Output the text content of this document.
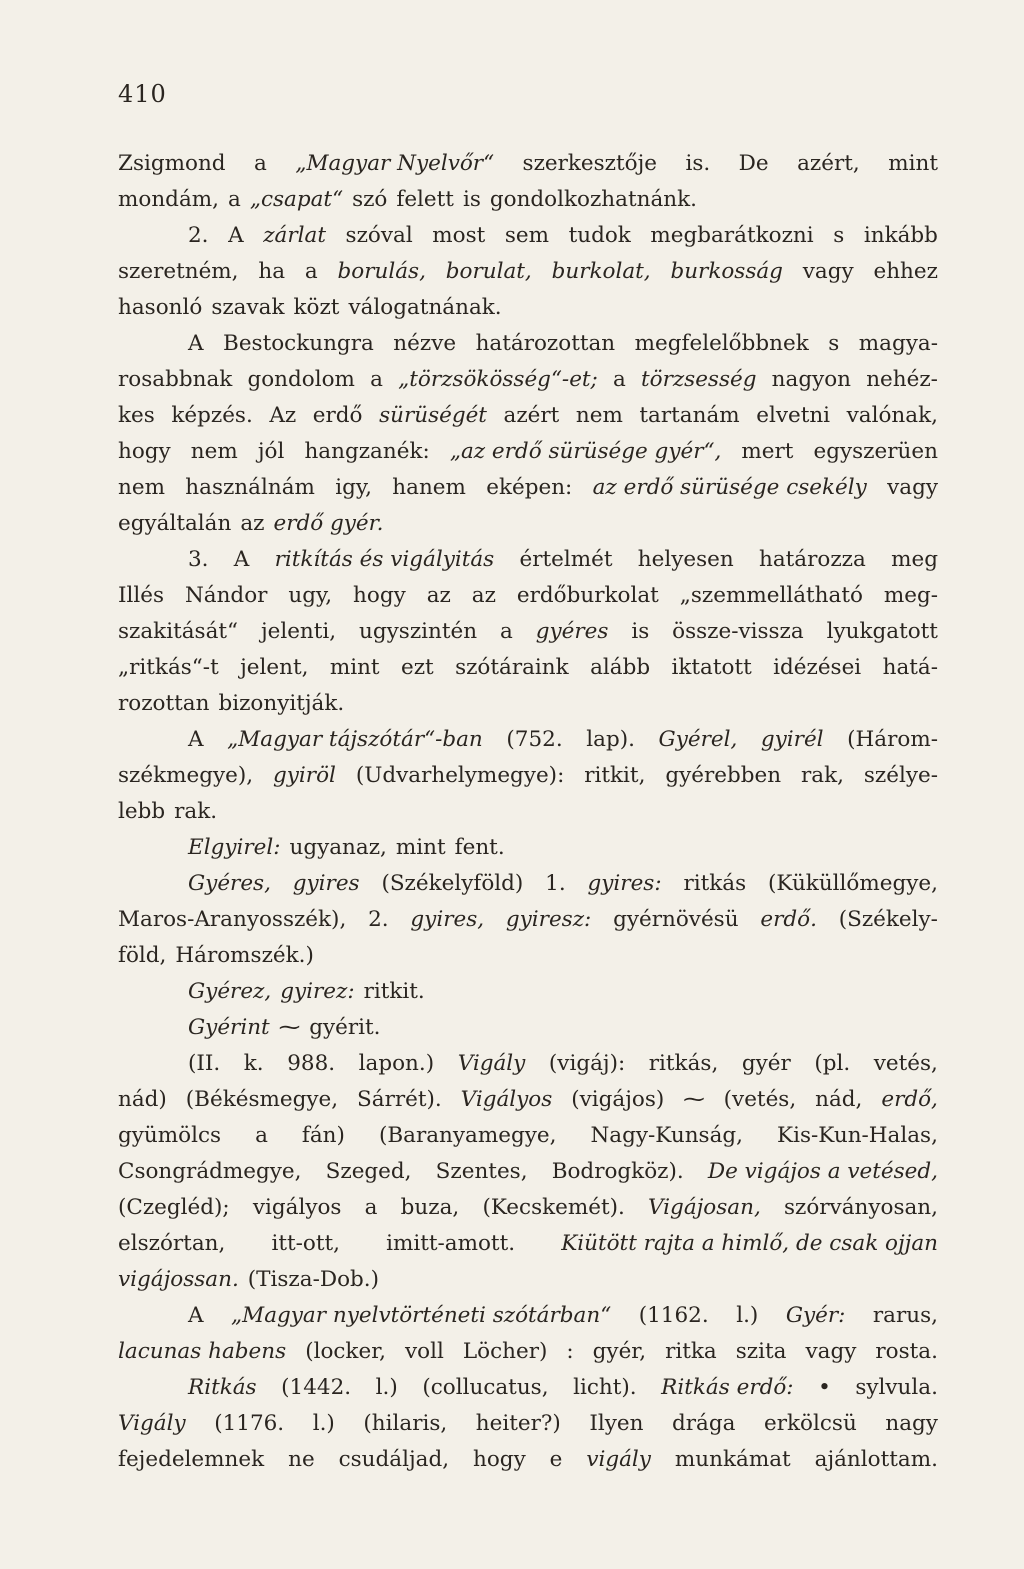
410
Zsigmond a „Magyar Nyelvőr“ szerkesztője is. De azért, mint
mondám, a „csapat“ szó felett is gondolkozhatnánk.
2. A zárlat szóval most sem tudok megbarátkozni s inkább
szeretném, ha a borulás, borulat, burkolat, burkosság vagy ehhez
hasonló szavak közt válogatnának.
A Bestockungra nézve határozottan megfelelőbbnek s magya-
rosabbnak gondolom a „törzsökösség“-et; a törzsesség nagyon nehéz-
kes képzés. Az erdő sürüségét azért nem tartanám elvetni valónak,
hogy nem jól hangzanék: „az erdő sürüsége gyér“, mert egyszerüen
nem használnám igy, hanem eképen: az erdő sürüsége csekély vagy
egyáltalán az erdő gyér.
3. A ritkítás és vigályitás értelmét helyesen határozza meg
Illés Nándor ugy, hogy az az erdőburkolat „szemmellátható meg-
szakitását“ jelenti, ugyszintén a gyéres is össze-vissza lyukgatott
„ritkás“-t jelent, mint ezt szótáraink alább iktatott idézései hatá-
rozottan bizonyitják.
A „Magyar tájszótár“-ban (752. lap). Gyérel, gyirél (Három-
székmegye), gyiröl (Udvarhelymegye): ritkit, gyérebben rak, szélye-
lebb rak.
Elgyirel: ugyanaz, mint fent.
Gyéres, gyires (Székelyföld) 1. gyires: ritkás (Küküllőmegye,
Maros-Aranyosszék), 2. gyires, gyiresz: gyérnövésü erdő. (Székely-
föld, Háromszék.)
Gyérez, gyirez: ritkit.
Gyérint ⁓ gyérit.
(II. k. 988. lapon.) Vigály (vigáj): ritkás, gyér (pl. vetés,
nád) (Békésmegye, Sárrét). Vigályos (vigájos) ⁓ (vetés, nád, erdő,
gyümölcs a fán) (Baranyamegye, Nagy-Kunság, Kis-Kun-Halas,
Csongrádmegye, Szeged, Szentes, Bodrogköz). De vigájos a vetésed,
(Czegléd); vigályos a buza, (Kecskemét). Vigájosan, szórványosan,
elszórtan, itt-ott, imitt-amott. Kiütött rajta a himlő, de csak ojjan
vigájossan. (Tisza-Dob.)
A „Magyar nyelvtörténeti szótárban“ (1162. l.) Gyér: rarus,
lacunas habens (locker, voll Löcher) : gyér, ritka szita vagy rosta.
Ritkás (1442. l.) (collucatus, licht). Ritkás erdő: • sylvula.
Vigály (1176. l.) (hilaris, heiter?) Ilyen drága erkölcsü nagy
fejedelemnek ne csudáljad, hogy e vigály munkámat ajánlottam.
